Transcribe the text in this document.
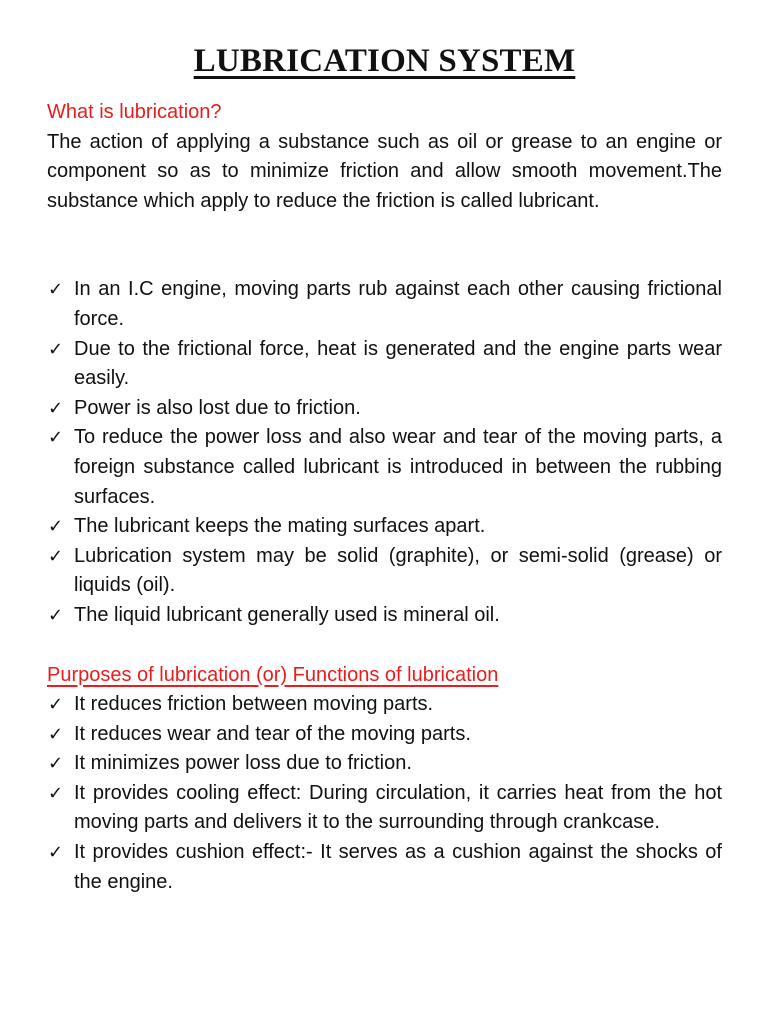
LUBRICATION SYSTEM
What is lubrication?

The action of applying a substance such as oil or grease to an engine or component so as to minimize friction and allow smooth movement.The substance which apply to reduce the friction is called lubricant.

✓ In an I.C engine, moving parts rub against each other causing frictional force.
✓ Due to the frictional force, heat is generated and the engine parts wear easily.
✓ Power is also lost due to friction.
✓ To reduce the power loss and also wear and tear of the moving parts, a foreign substance called lubricant is introduced in between the rubbing surfaces.
✓ The lubricant keeps the mating surfaces apart.
✓ Lubrication system may be solid (graphite), or semi-solid (grease) or liquids (oil).
✓ The liquid lubricant generally used is mineral oil.
Purposes of lubrication (or) Functions of lubrication
✓ It reduces friction between moving parts.
✓ It reduces wear and tear of the moving parts.
✓ It minimizes power loss due to friction.
✓ It provides cooling effect: During circulation, it carries heat from the hot moving parts and delivers it to the surrounding through crankcase.
✓ It provides cushion effect:- It serves as a cushion against the shocks of the engine.
